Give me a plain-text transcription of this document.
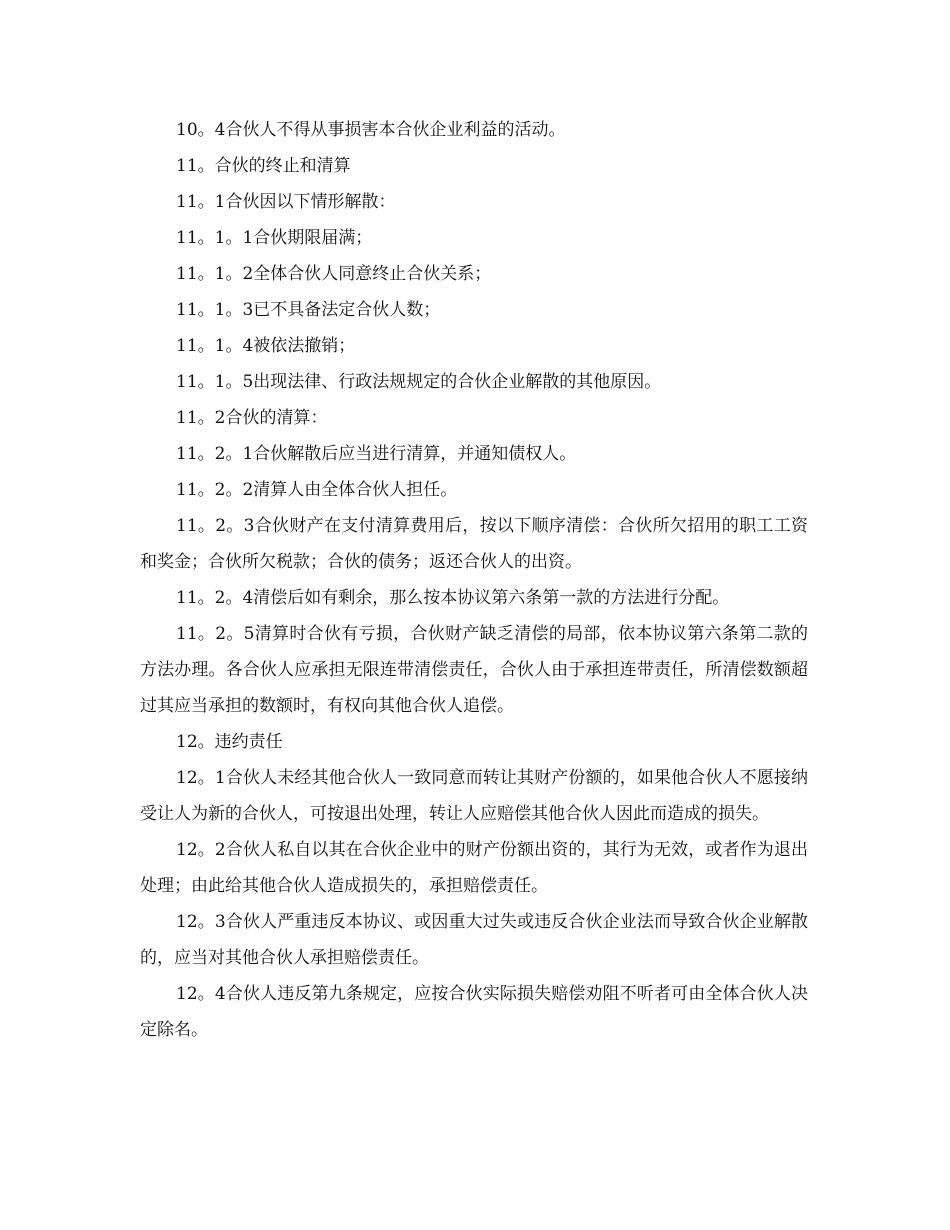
10。4合伙人不得从事损害本合伙企业利益的活动。

11。合伙的终止和清算

11。1合伙因以下情形解散：

11。1。1合伙期限届满；

11。1。2全体合伙人同意终止合伙关系；

11。1。3已不具备法定合伙人数；

11。1。4被依法撤销；

11。1。5出现法律、行政法规规定的合伙企业解散的其他原因。

11。2合伙的清算：

11。2。1合伙解散后应当进行清算，并通知债权人。

11。2。2清算人由全体合伙人担任。

11。2。3合伙财产在支付清算费用后，按以下顺序清偿：合伙所欠招用的职工工资和奖金；合伙所欠税款；合伙的债务；返还合伙人的出资。

11。2。4清偿后如有剩余，那么按本协议第六条第一款的方法进行分配。

11。2。5清算时合伙有亏损，合伙财产缺乏清偿的局部，依本协议第六条第二款的方法办理。各合伙人应承担无限连带清偿责任，合伙人由于承担连带责任，所清偿数额超过其应当承担的数额时，有权向其他合伙人追偿。

12。违约责任

12。1合伙人未经其他合伙人一致同意而转让其财产份额的，如果他合伙人不愿接纳受让人为新的合伙人，可按退出处理，转让人应赔偿其他合伙人因此而造成的损失。

12。2合伙人私自以其在合伙企业中的财产份额出资的，其行为无效，或者作为退出处理；由此给其他合伙人造成损失的，承担赔偿责任。

12。3合伙人严重违反本协议、或因重大过失或违反合伙企业法而导致合伙企业解散的，应当对其他合伙人承担赔偿责任。

12。4合伙人违反第九条规定，应按合伙实际损失赔偿劝阻不听者可由全体合伙人决定除名。
